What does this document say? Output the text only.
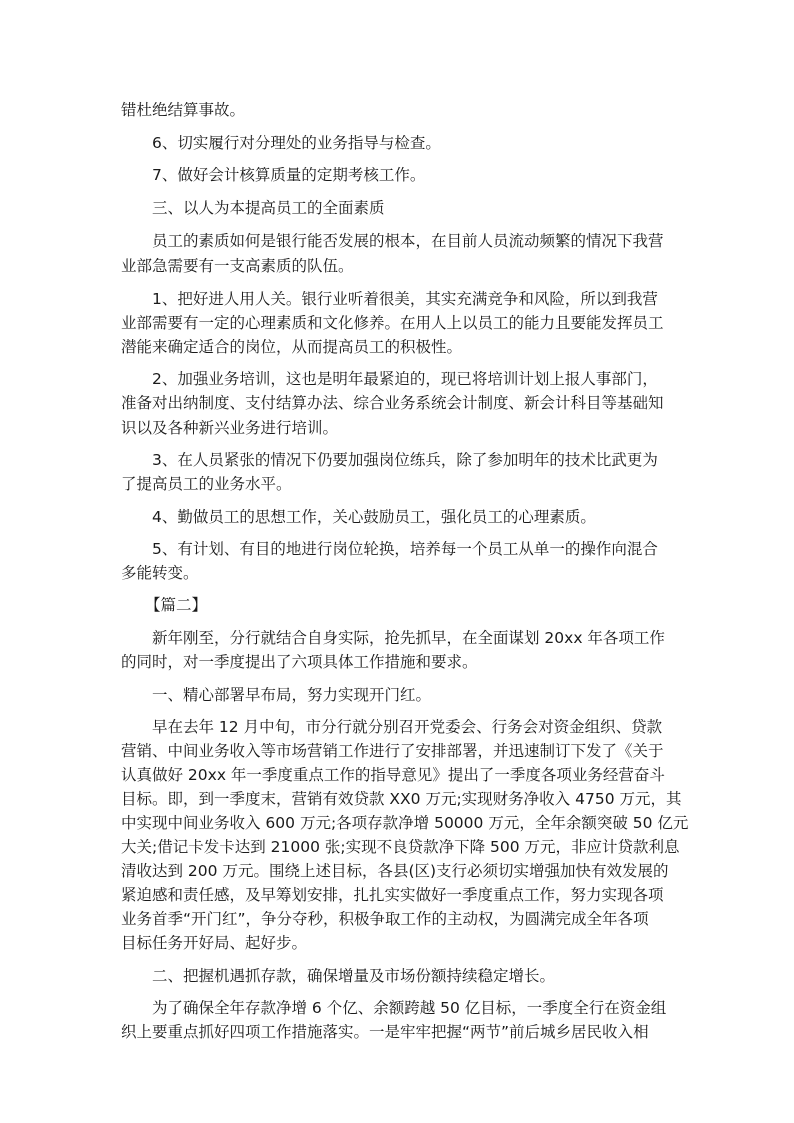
错杜绝结算事故。
6、切实履行对分理处的业务指导与检查。
7、做好会计核算质量的定期考核工作。
三、以人为本提高员工的全面素质
员工的素质如何是银行能否发展的根本，在目前人员流动频繁的情况下我营
业部急需要有一支高素质的队伍。
1、把好进人用人关。银行业听着很美，其实充满竞争和风险，所以到我营
业部需要有一定的心理素质和文化修养。在用人上以员工的能力且要能发挥员工
潜能来确定适合的岗位，从而提高员工的积极性。
2、加强业务培训，这也是明年最紧迫的，现已将培训计划上报人事部门，
准备对出纳制度、支付结算办法、综合业务系统会计制度、新会计科目等基础知
识以及各种新兴业务进行培训。
3、在人员紧张的情况下仍要加强岗位练兵，除了参加明年的技术比武更为
了提高员工的业务水平。
4、勤做员工的思想工作，关心鼓励员工，强化员工的心理素质。
5、有计划、有目的地进行岗位轮换，培养每一个员工从单一的操作向混合
多能转变。
【篇二】
新年刚至，分行就结合自身实际，抢先抓早，在全面谋划 20xx 年各项工作
的同时，对一季度提出了六项具体工作措施和要求。
一、精心部署早布局，努力实现开门红。
早在去年 12 月中旬，市分行就分别召开党委会、行务会对资金组织、贷款
营销、中间业务收入等市场营销工作进行了安排部署，并迅速制订下发了《关于
认真做好 20xx 年一季度重点工作的指导意见》提出了一季度各项业务经营奋斗
目标。即，到一季度末，营销有效贷款 XX0 万元;实现财务净收入 4750 万元，其
中实现中间业务收入 600 万元;各项存款净增 50000 万元，全年余额突破 50 亿元
大关;借记卡发卡达到 21000 张;实现不良贷款净下降 500 万元，非应计贷款利息
清收达到 200 万元。围绕上述目标，各县(区)支行必须切实增强加快有效发展的
紧迫感和责任感，及早筹划安排，扎扎实实做好一季度重点工作，努力实现各项
业务首季“开门红”，争分夺秒，积极争取工作的主动权，为圆满完成全年各项
目标任务开好局、起好步。
二、把握机遇抓存款，确保增量及市场份额持续稳定增长。
为了确保全年存款净增 6 个亿、余额跨越 50 亿目标，一季度全行在资金组
织上要重点抓好四项工作措施落实。一是牢牢把握“两节”前后城乡居民收入相
